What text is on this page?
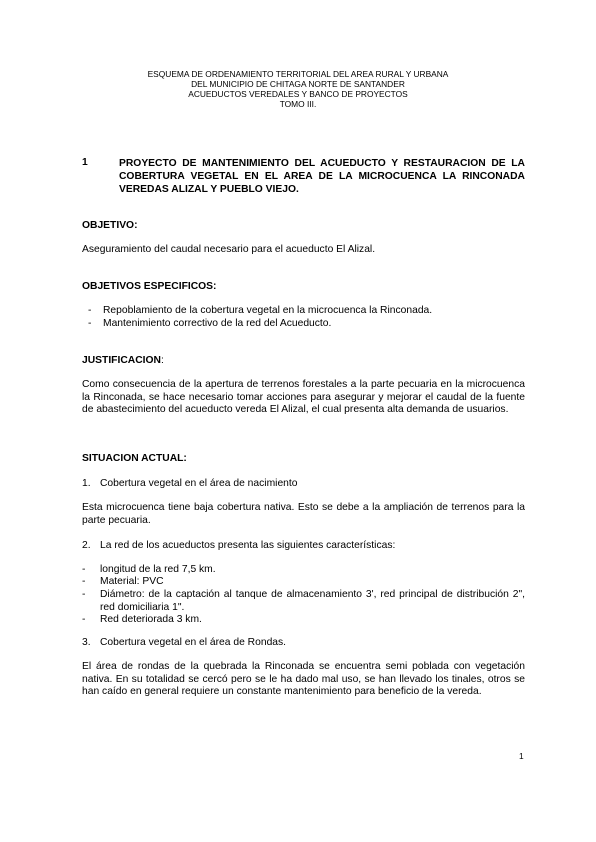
ESQUEMA DE ORDENAMIENTO TERRITORIAL DEL AREA RURAL Y URBANA
DEL MUNICIPIO DE CHITAGA NORTE DE SANTANDER
ACUEDUCTOS VEREDALES Y BANCO DE PROYECTOS
TOMO III.
1	PROYECTO DE MANTENIMIENTO DEL ACUEDUCTO Y RESTAURACION DE LA
COBERTURA VEGETAL EN EL AREA DE LA MICROCUENCA LA RINCONADA
VEREDAS ALIZAL Y PUEBLO VIEJO.
OBJETIVO:
Aseguramiento del caudal necesario para el acueducto El Alizal.
OBJETIVOS ESPECIFICOS:
- Repoblamiento de la cobertura vegetal en la microcuenca la Rinconada.
- Mantenimiento correctivo de la red del Acueducto.
JUSTIFICACION:
Como consecuencia de la apertura de terrenos forestales a la parte pecuaria en la microcuenca la Rinconada, se hace necesario tomar acciones para asegurar y mejorar el caudal de la fuente de abastecimiento del acueducto vereda El Alizal, el cual presenta alta demanda de usuarios.
SITUACION ACTUAL:
1. Cobertura vegetal en el área de nacimiento
Esta microcuenca tiene baja cobertura nativa. Esto se debe a la ampliación de terrenos para la parte pecuaria.
2. La red de los acueductos presenta las siguientes características:
- longitud de la red 7,5 km.
- Material: PVC
- Diámetro: de la captación al tanque de almacenamiento 3', red principal de distribución 2", red domiciliaria 1".
- Red deteriorada 3 km.
3. Cobertura vegetal en el área de Rondas.
El área de rondas de la quebrada la Rinconada se encuentra semi poblada con vegetación nativa. En su totalidad se cercó pero se le ha dado mal uso, se han llevado los tinales, otros se han caído en general requiere un constante mantenimiento para beneficio de la vereda.
1
